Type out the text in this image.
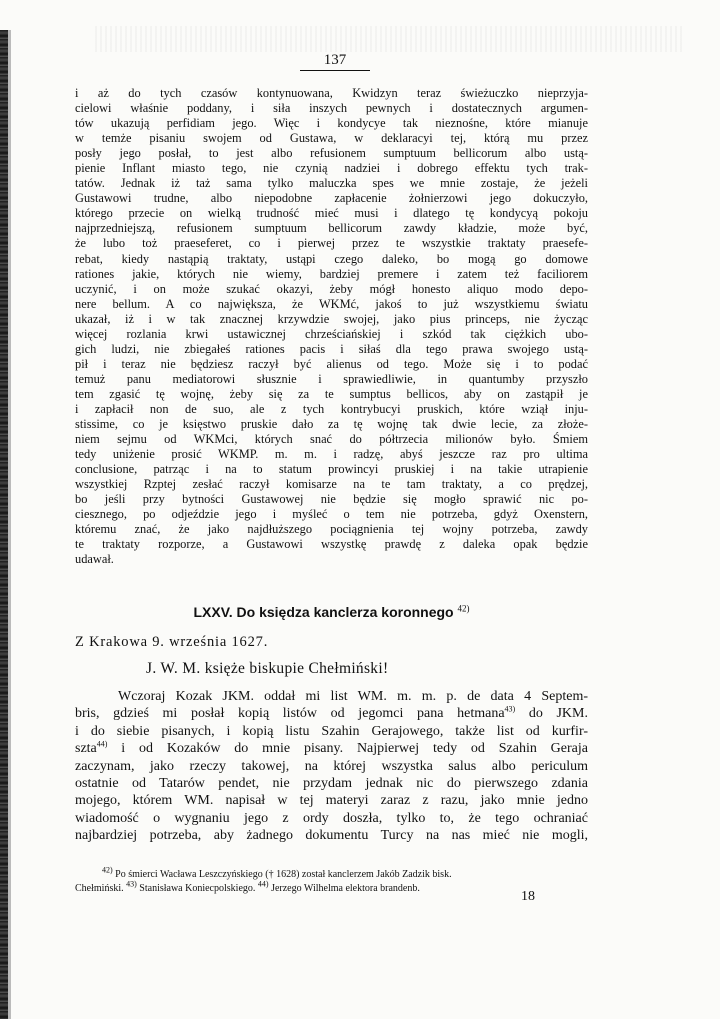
137
i aż do tych czasów kontynuowana, Kwidzyn teraz świeżuczko nieprzyja-
cielowi właśnie poddany, i siła inszych pewnych i dostatecznych argumen-
tów ukazują perfidiam jego. Więc i kondycye tak nieznośne, które mianuje
w temże pisaniu swojem od Gustawa, w deklaracyi tej, którą mu przez
posły jego posłał, to jest albo refusionem sumptuum bellicorum albo ustą-
pienie Inflant miasto tego, nie czynią nadziei i dobrego effektu tych trak-
tatów. Jednak iż taż sama tylko maluczka spes we mnie zostaje, że jeżeli
Gustawowi trudne, albo niepodobne zapłacenie żołnierzowi jego dokuczyło,
którego przecie on wielką trudność mieć musi i dlatego tę kondycyą pokoju
najprzedniejszą, refusionem sumptuum bellicorum zawdy kładzie, może być,
że lubo toż praeseferet, co i pierwej przez te wszystkie traktaty praesefe-
rebat, kiedy nastąpią traktaty, ustąpi czego daleko, bo mogą go domowe
rationes jakie, których nie wiemy, bardziej premere i zatem też faciliorem
uczynić, i on może szukać okazyi, żeby mógł honesto aliquo modo depo-
nere bellum. A co największa, że WKMć, jakoś to już wszystkiemu światu
ukazał, iż i w tak znacznej krzywdzie swojej, jako pius princeps, nie życząc
więcej rozlania krwi ustawicznej chrześciańskiej i szkód tak ciężkich ubo-
gich ludzi, nie zbiegałeś rationes pacis i siłaś dla tego prawa swojego ustą-
pił i teraz nie będziesz raczył być alienus od tego. Może się i to podać
temuż panu mediatorowi słusznie i sprawiedliwie, in quantumby przyszło
tem zgasić tę wojnę, żeby się za te sumptus bellicos, aby on zastąpił je
i zapłacił non de suo, ale z tych kontrybucyi pruskich, które wziął inju-
stissime, co je księstwo pruskie dało za tę wojnę tak dwie lecie, za złoże-
niem sejmu od WKMci, których snać do półtrzecia milionów było. Śmiem
tedy uniżenie prosić WKMP. m. m. i radzę, abyś jeszcze raz pro ultima
conclusione, patrząc i na to statum prowincyi pruskiej i na takie utrapienie
wszystkiej Rzptej zesłać raczył komisarze na te tam traktaty, a co prędzej,
bo jeśli przy bytności Gustawowej nie będzie się mogło sprawić nic po-
ciesznego, po odjeździe jego i myśleć o tem nie potrzeba, gdyż Oxenstern,
któremu znać, że jako najdłuższego pociągnienia tej wojny potrzeba, zawdy
te traktaty rozporze, a Gustawowi wszystkę prawdę z daleka opak będzie
udawał.
LXXV. Do księdza kanclerza koronnego $^{42)}$
Z Krakowa 9. września 1627.
J. W. M. księże biskupie Chełmiński!
Wczoraj Kozak JKM. oddał mi list WM. m. m. p. de data 4 Septem-
bris, gdzieś mi posłał kopią listów od jegomci pana hetmana$^{43)}$ do JKM.
i do siebie pisanych, i kopią listu Szahin Gerajowego, także list od kurfir-
szta$^{44)}$ i od Kozaków do mnie pisany. Najpierwej tedy od Szahin Geraja
zaczynam, jako rzeczy takowej, na której wszystka salus albo periculum
ostatnie od Tatarów pendet, nie przydam jednak nic do pierwszego zdania
mojego, którem WM. napisał w tej materyi zaraz z razu, jako mnie jedno
wiadomość o wygnaniu jego z ordy doszła, tylko to, że tego ochraniać
najbardziej potrzeba, aby żadnego dokumentu Turcy na nas mieć nie mogli,
$^{42)}$ Po śmierci Wacława Leszczyńskiego († 1628) został kanclerzem Jakób Zadzik bisk.
Chełmiński. $^{43)}$ Stanisława Koniecpolskiego. $^{44)}$ Jerzego Wilhelma elektora brandenb.
18
